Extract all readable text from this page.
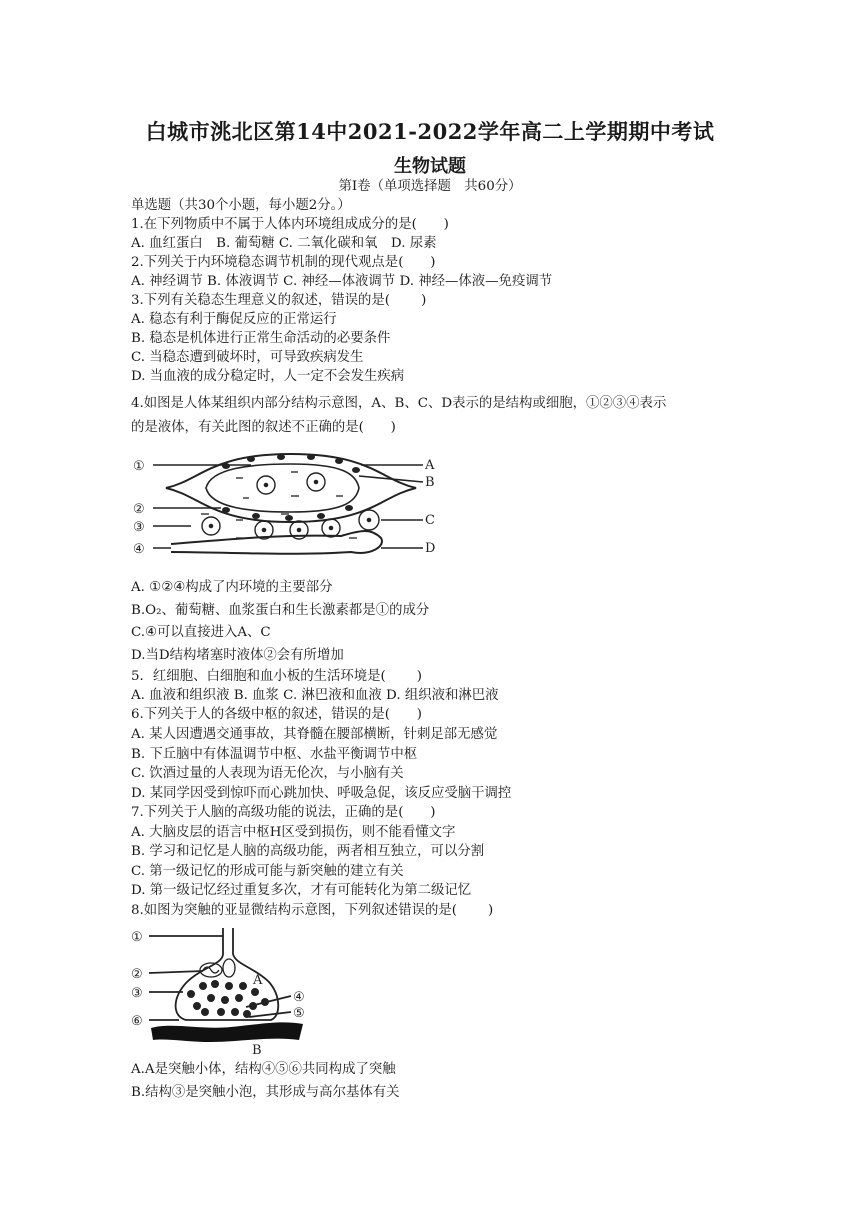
白城市洮北区第14中2021-2022学年高二上学期期中考试
生物试题
第Ⅰ卷（单项选择题　共60分）
单选题（共30个小题，每小题2分。）
1.在下列物质中不属于人体内环境组成成分的是(　　)
A. 血红蛋白　B. 葡萄糖 C. 二氧化碳和氧　D. 尿素
2.下列关于内环境稳态调节机制的现代观点是(　　)
A. 神经调节 B. 体液调节 C. 神经—体液调节 D. 神经—体液—免疫调节
3.下列有关稳态生理意义的叙述，错误的是(　　 )
A. 稳态有利于酶促反应的正常运行
B. 稳态是机体进行正常生命活动的必要条件
C. 当稳态遭到破坏时，可导致疾病发生
D. 当血液的成分稳定时，人一定不会发生疾病
4.如图是人体某组织内部分结构示意图，A、B、C、D表示的是结构或细胞，①②③④表示
的是液体，有关此图的叙述不正确的是(　　)
①
②
③
④
A
B
C
D
A. ①②④构成了内环境的主要部分
B.O₂、葡萄糖、血浆蛋白和生长激素都是①的成分
C.④可以直接进入A、C
D.当D结构堵塞时液体②会有所增加
5．红细胞、白细胞和血小板的生活环境是(　　 )
A. 血液和组织液 B. 血浆 C. 淋巴液和血液 D. 组织液和淋巴液
6.下列关于人的各级中枢的叙述，错误的是(　　)
A. 某人因遭遇交通事故，其脊髓在腰部横断，针刺足部无感觉
B. 下丘脑中有体温调节中枢、水盐平衡调节中枢
C. 饮酒过量的人表现为语无伦次，与小脑有关
D. 某同学因受到惊吓而心跳加快、呼吸急促，该反应受脑干调控
7.下列关于人脑的高级功能的说法，正确的是(　　)
A. 大脑皮层的语言中枢H区受到损伤，则不能看懂文字
B. 学习和记忆是人脑的高级功能，两者相互独立，可以分割
C. 第一级记忆的形成可能与新突触的建立有关
D. 第一级记忆经过重复多次，才有可能转化为第二级记忆
8.如图为突触的亚显微结构示意图，下列叙述错误的是(　　 )
①
②
③
⑥
④
⑤
A
B
A.A是突触小体，结构④⑤⑥共同构成了突触
B.结构③是突触小泡，其形成与高尔基体有关
